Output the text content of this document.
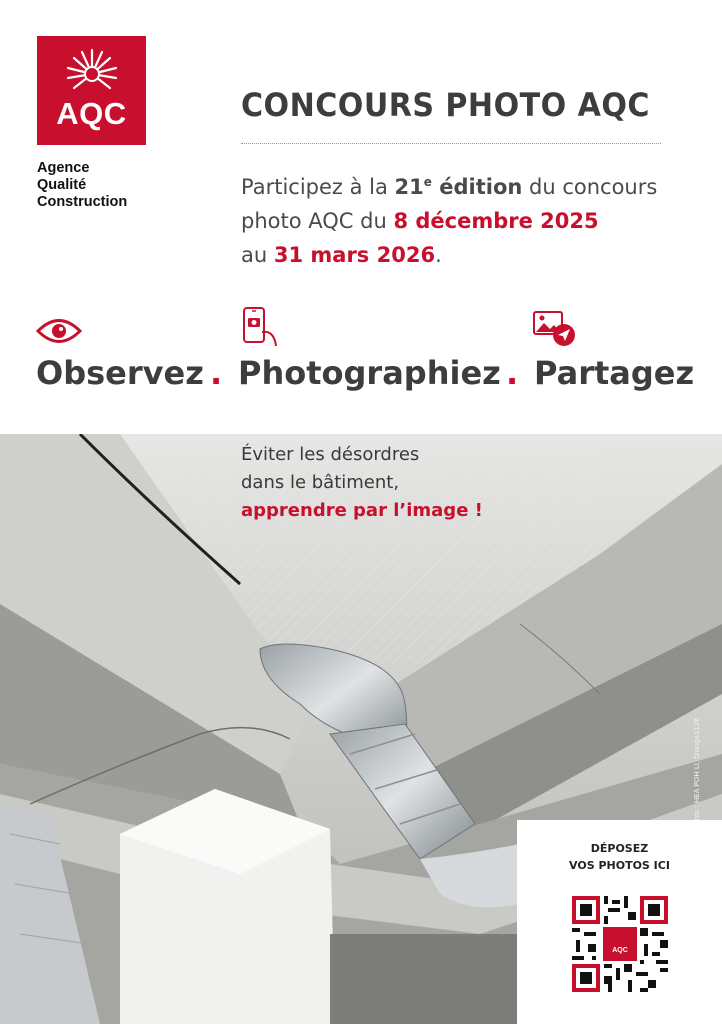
AQC
Agence
Qualité
Construction
CONCOURS PHOTO AQC
Participez à la 21e édition du concours
photo AQC du 8 décembre 2025
au 31 mars 2026.
Observez . Photographiez . Partagez
Éviter les désordres
dans le bâtiment,
apprendre par l’image !
DÉPOSEZ
VOS PHOTOS ICI
AQC
